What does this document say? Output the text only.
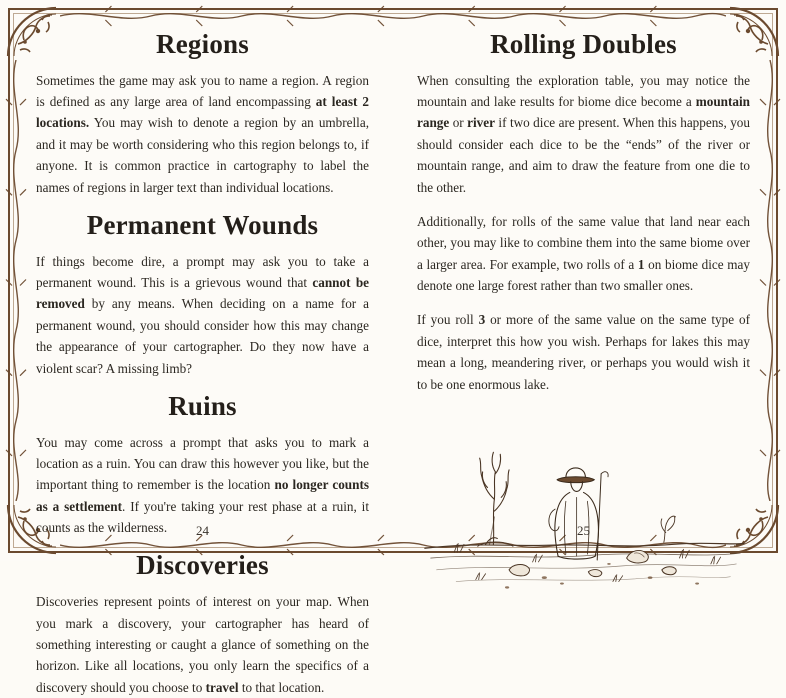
Regions

Sometimes the game may ask you to name a region. A region is defined as any large area of land encompassing at least 2 locations. You may wish to denote a region by an umbrella, and it may be worth considering who this region belongs to, if anyone. It is common practice in cartography to label the names of regions in larger text than individual locations.

Permanent Wounds

If things become dire, a prompt may ask you to take a permanent wound. This is a grievous wound that cannot be removed by any means. When deciding on a name for a permanent wound, you should consider how this may change the appearance of your cartographer. Do they now have a violent scar? A missing limb?

Ruins

You may come across a prompt that asks you to mark a location as a ruin. You can draw this however you like, but the important thing to remember is the location no longer counts as a settlement. If you're taking your rest phase at a ruin, it counts as the wilderness.

Discoveries

Discoveries represent points of interest on your map. When you mark a discovery, your cartographer has heard of something interesting or caught a glance of something on the horizon. Like all locations, you only learn the specifics of a discovery should you choose to travel to that location.

24
Rolling Doubles

When consulting the exploration table, you may notice the mountain and lake results for biome dice become a mountain range or river if two dice are present. When this happens, you should consider each dice to be the “ends” of the river or mountain range, and aim to draw the feature from one die to the other.

Additionally, for rolls of the same value that land near each other, you may like to combine them into the same biome over a larger area. For example, two rolls of a 1 on biome dice may denote one large forest rather than two smaller ones.

If you roll 3 or more of the same value on the same type of dice, interpret this how you wish. Perhaps for lakes this may mean a long, meandering river, or perhaps you would wish it to be one enormous lake.

25
